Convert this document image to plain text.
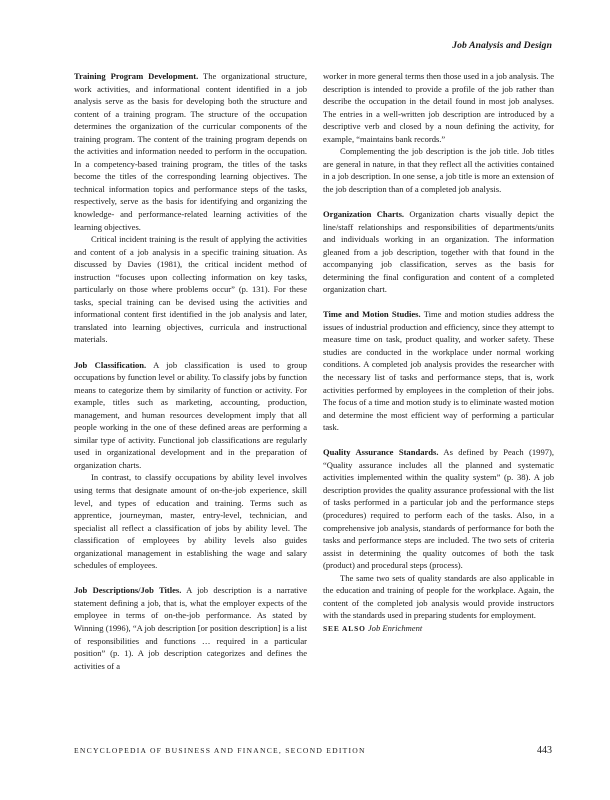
Job Analysis and Design

Training Program Development. The organizational structure, work activities, and informational content identified in a job analysis serve as the basis for developing both the structure and content of a training program. The structure of the occupation determines the organization of the curricular components of the training program. The content of the training program depends on the activities and information needed to perform in the occupation. In a competency-based training program, the titles of the tasks become the titles of the corresponding learning objectives. The technical information topics and performance steps of the tasks, respectively, serve as the basis for identifying and organizing the knowledge- and performance-related learning activities of the learning objectives.

Critical incident training is the result of applying the activities and content of a job analysis in a specific training situation. As discussed by Davies (1981), the critical incident method of instruction “focuses upon collecting information on key tasks, particularly on those where problems occur” (p. 131). For these tasks, special training can be devised using the activities and informational content first identified in the job analysis and later, translated into learning objectives, curricula and instructional materials.

Job Classification. A job classification is used to group occupations by function level or ability. To classify jobs by function means to categorize them by similarity of function or activity. For example, titles such as marketing, accounting, production, management, and human resources development imply that all people working in the one of these defined areas are performing a similar type of activity. Functional job classifications are regularly used in organizational development and in the preparation of organization charts.

In contrast, to classify occupations by ability level involves using terms that designate amount of on-the-job experience, skill level, and types of education and training. Terms such as apprentice, journeyman, master, entry-level, technician, and specialist all reflect a classification of jobs by ability level. The classification of employees by ability levels also guides organizational management in establishing the wage and salary schedules of employees.

Job Descriptions/Job Titles. A job description is a narrative statement defining a job, that is, what the employer expects of the employee in terms of on-the-job performance. As stated by Winning (1996), “A job description [or position description] is a list of responsibilities and functions … required in a particular position” (p. 1). A job description categorizes and defines the activities of a

worker in more general terms then those used in a job analysis. The description is intended to provide a profile of the job rather than describe the occupation in the detail found in most job analyses. The entries in a well-written job description are introduced by a descriptive verb and closed by a noun defining the activity, for example, “maintains bank records.”

Complementing the job description is the job title. Job titles are general in nature, in that they reflect all the activities contained in a job description. In one sense, a job title is more an extension of the job description than of a completed job analysis.

Organization Charts. Organization charts visually depict the line/staff relationships and responsibilities of departments/units and individuals working in an organization. The information gleaned from a job description, together with that found in the accompanying job classification, serves as the basis for determining the final configuration and content of a completed organization chart.

Time and Motion Studies. Time and motion studies address the issues of industrial production and efficiency, since they attempt to measure time on task, product quality, and worker safety. These studies are conducted in the workplace under normal working conditions. A completed job analysis provides the researcher with the necessary list of tasks and performance steps, that is, work activities performed by employees in the completion of their jobs. The focus of a time and motion study is to eliminate wasted motion and determine the most efficient way of performing a particular task.

Quality Assurance Standards. As defined by Peach (1997), “Quality assurance includes all the planned and systematic activities implemented within the quality system” (p. 38). A job description provides the quality assurance professional with the list of tasks performed in a particular job and the performance steps (procedures) required to perform each of the tasks. Also, in a comprehensive job analysis, standards of performance for both the tasks and performance steps are included. The two sets of criteria assist in determining the quality outcomes of both the task (product) and procedural steps (process).

The same two sets of quality standards are also applicable in the education and training of people for the workplace. Again, the content of the completed job analysis would provide instructors with the standards used in preparing students for employment.

SEE ALSO Job Enrichment

ENCYCLOPEDIA OF BUSINESS AND FINANCE, SECOND EDITION	443
